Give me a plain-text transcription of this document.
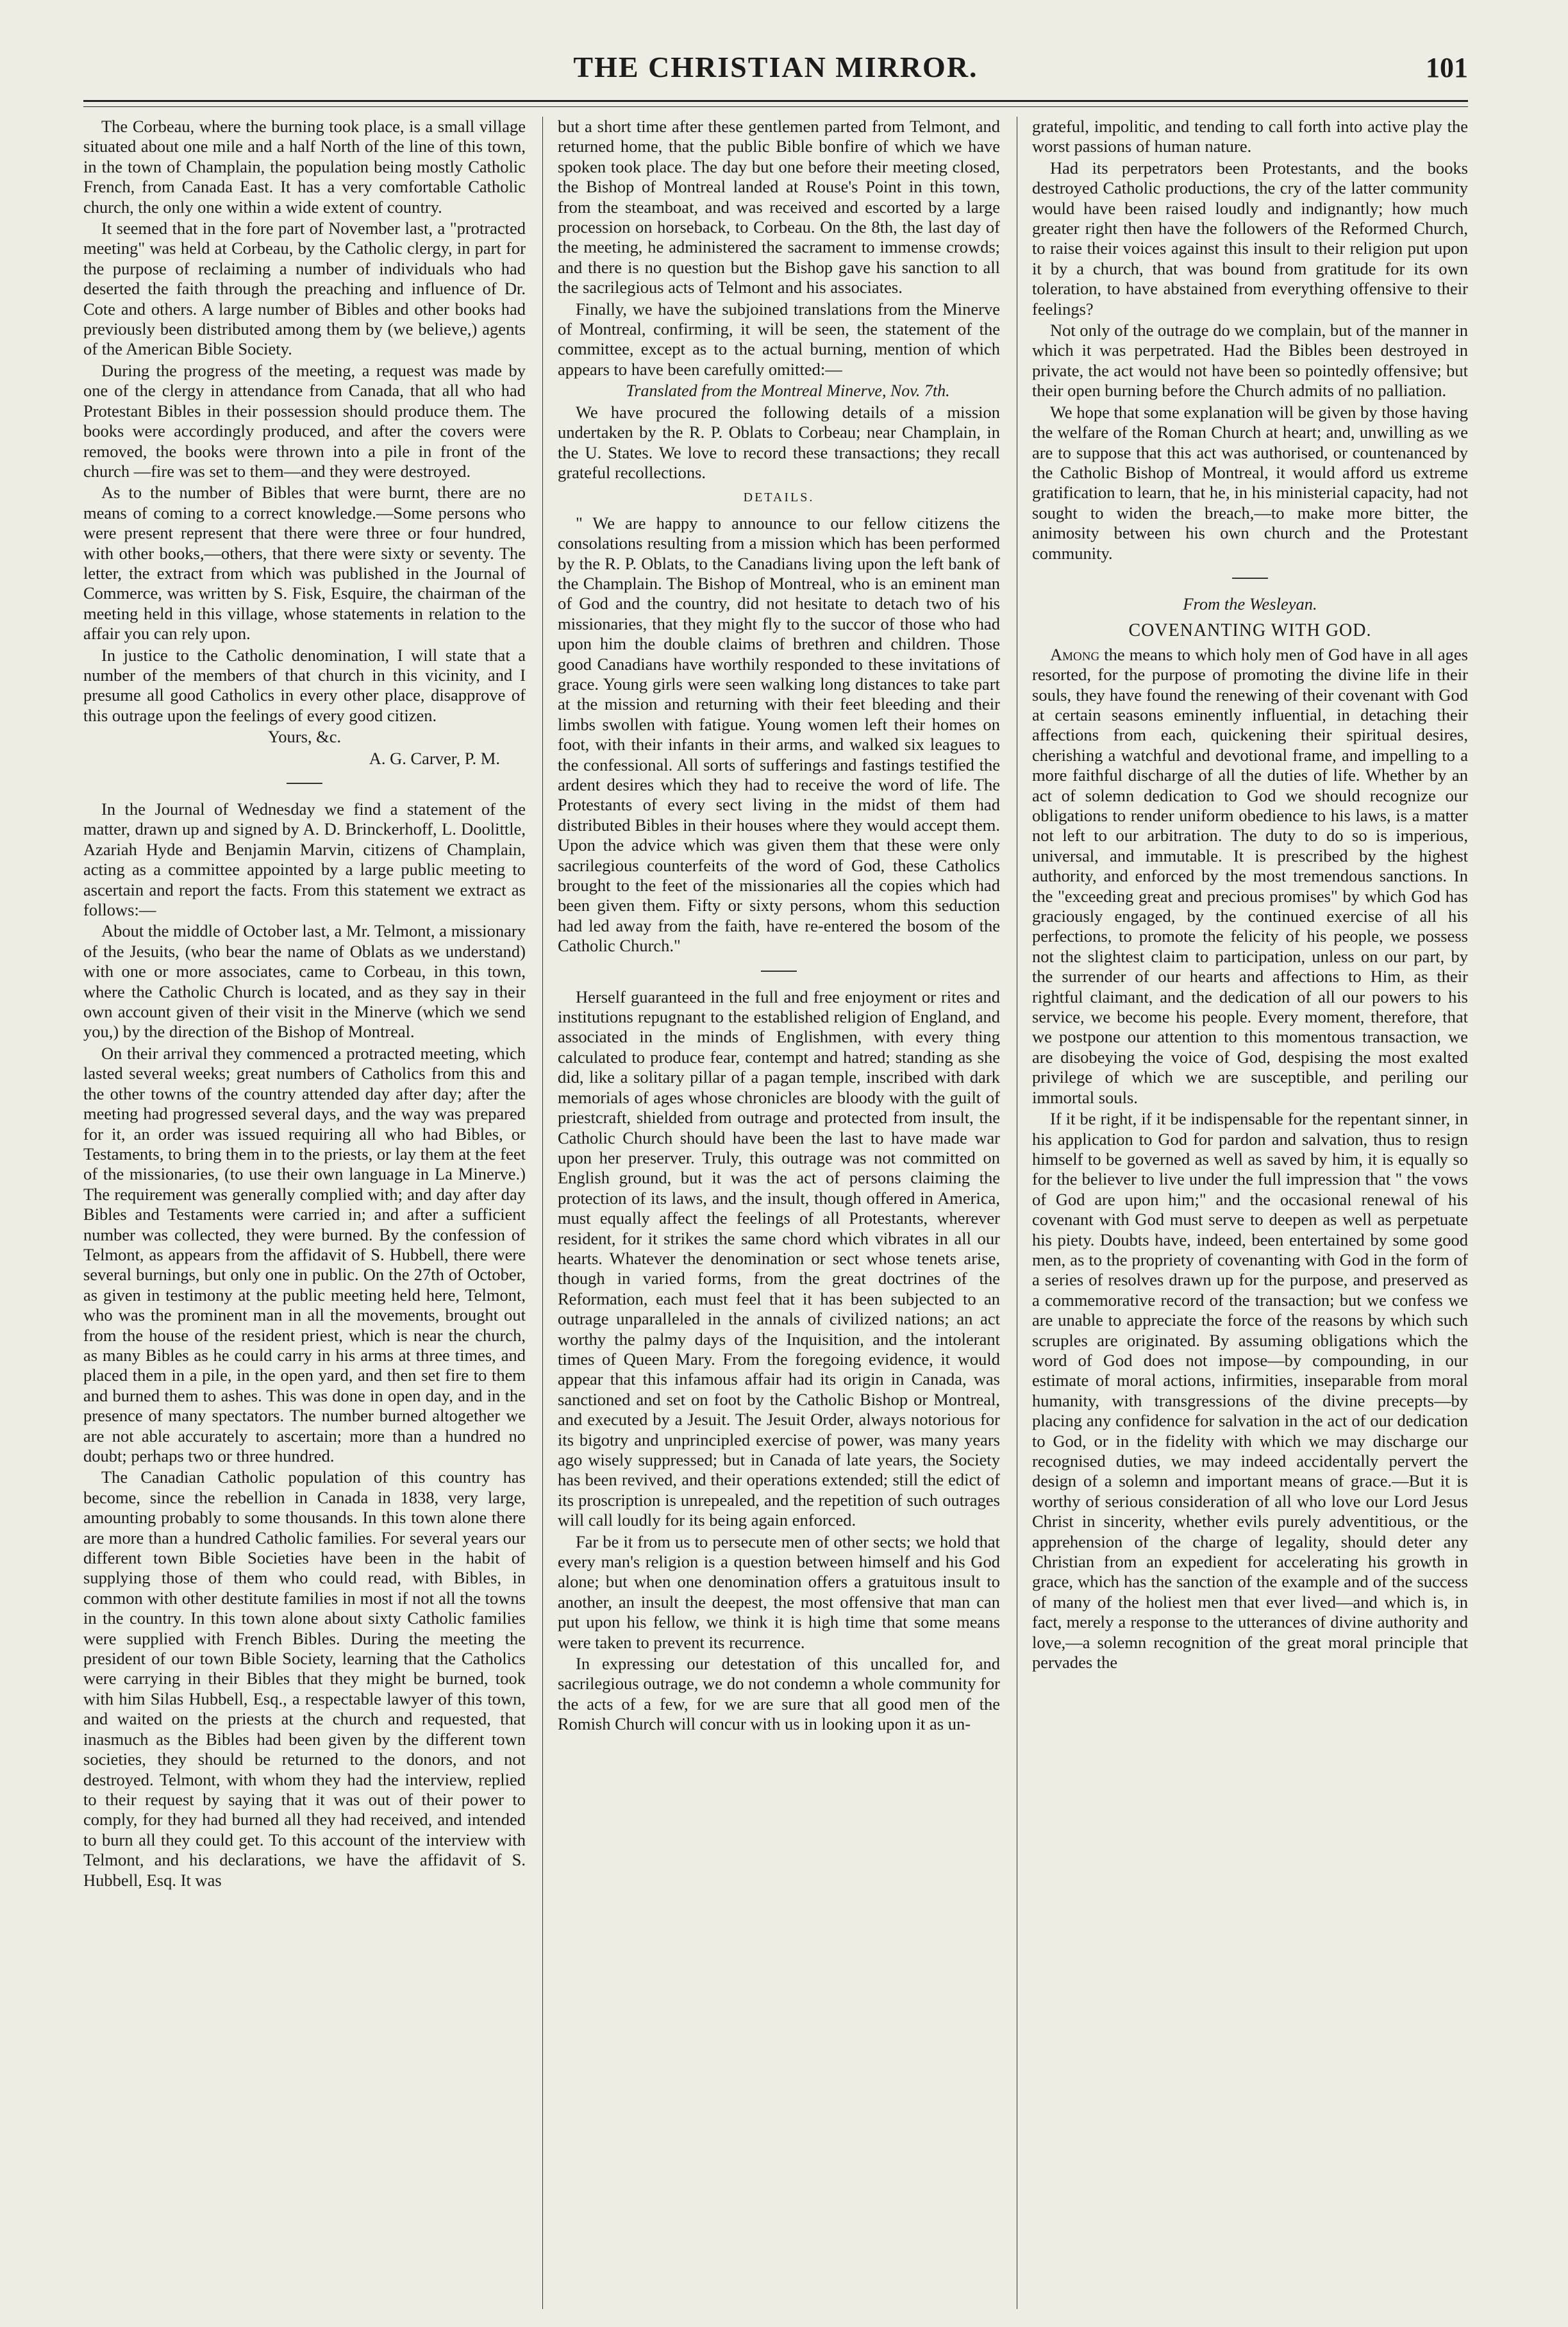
THE CHRISTIAN MIRROR.	101

The Corbeau, where the burning took place, is a small village situated about one mile and a half North of the line of this town, in the town of Champlain, the population being mostly Catholic French, from Canada East. It has a very comfortable Catholic church, the only one within a wide extent of country.

It seemed that in the fore part of November last, a "protracted meeting" was held at Corbeau, by the Catholic clergy, in part for the purpose of reclaiming a number of individuals who had deserted the faith through the preaching and influence of Dr. Cote and others. A large number of Bibles and other books had previously been distributed among them by (we believe,) agents of the American Bible Society.

During the progress of the meeting, a request was made by one of the clergy in attendance from Canada, that all who had Protestant Bibles in their possession should produce them. The books were accordingly produced, and after the covers were removed, the books were thrown into a pile in front of the church —fire was set to them—and they were destroyed.

As to the number of Bibles that were burnt, there are no means of coming to a correct knowledge.—Some persons who were present represent that there were three or four hundred, with other books,—others, that there were sixty or seventy. The letter, the extract from which was published in the Journal of Commerce, was written by S. Fisk, Esquire, the chairman of the meeting held in this village, whose statements in relation to the affair you can rely upon.

In justice to the Catholic denomination, I will state that a number of the members of that church in this vicinity, and I presume all good Catholics in every other place, disapprove of this outrage upon the feelings of every good citizen.

Yours, &c.

A. G. Carver, P. M.

In the Journal of Wednesday we find a statement of the matter, drawn up and signed by A. D. Brinckerhoff, L. Doolittle, Azariah Hyde and Benjamin Marvin, citizens of Champlain, acting as a committee appointed by a large public meeting to ascertain and report the facts. From this statement we extract as follows:—

About the middle of October last, a Mr. Telmont, a missionary of the Jesuits, (who bear the name of Oblats as we understand) with one or more associates, came to Corbeau, in this town, where the Catholic Church is located, and as they say in their own account given of their visit in the Minerve (which we send you,) by the direction of the Bishop of Montreal.

On their arrival they commenced a protracted meeting, which lasted several weeks; great numbers of Catholics from this and the other towns of the country attended day after day; after the meeting had progressed several days, and the way was prepared for it, an order was issued requiring all who had Bibles, or Testaments, to bring them in to the priests, or lay them at the feet of the missionaries, (to use their own language in La Minerve.) The requirement was generally complied with; and day after day Bibles and Testaments were carried in; and after a sufficient number was collected, they were burned. By the confession of Telmont, as appears from the affidavit of S. Hubbell, there were several burnings, but only one in public. On the 27th of October, as given in testimony at the public meeting held here, Telmont, who was the prominent man in all the movements, brought out from the house of the resident priest, which is near the church, as many Bibles as he could carry in his arms at three times, and placed them in a pile, in the open yard, and then set fire to them and burned them to ashes. This was done in open day, and in the presence of many spectators. The number burned altogether we are not able accurately to ascertain; more than a hundred no doubt; perhaps two or three hundred.

The Canadian Catholic population of this country has become, since the rebellion in Canada in 1838, very large, amounting probably to some thousands. In this town alone there are more than a hundred Catholic families. For several years our different town Bible Societies have been in the habit of supplying those of them who could read, with Bibles, in common with other destitute families in most if not all the towns in the country. In this town alone about sixty Catholic families were supplied with French Bibles. During the meeting the president of our town Bible Society, learning that the Catholics were carrying in their Bibles that they might be burned, took with him Silas Hubbell, Esq., a respectable lawyer of this town, and waited on the priests at the church and requested, that inasmuch as the Bibles had been given by the different town societies, they should be returned to the donors, and not destroyed. Telmont, with whom they had the interview, replied to their request by saying that it was out of their power to comply, for they had burned all they had received, and intended to burn all they could get. To this account of the interview with Telmont, and his declarations, we have the affidavit of S. Hubbell, Esq. It was

but a short time after these gentlemen parted from Telmont, and returned home, that the public Bible bonfire of which we have spoken took place. The day but one before their meeting closed, the Bishop of Montreal landed at Rouse's Point in this town, from the steamboat, and was received and escorted by a large procession on horseback, to Corbeau. On the 8th, the last day of the meeting, he administered the sacrament to immense crowds; and there is no question but the Bishop gave his sanction to all the sacrilegious acts of Telmont and his associates.

Finally, we have the subjoined translations from the Minerve of Montreal, confirming, it will be seen, the statement of the committee, except as to the actual burning, mention of which appears to have been carefully omitted:—

Translated from the Montreal Minerve, Nov. 7th.

We have procured the following details of a mission undertaken by the R. P. Oblats to Corbeau; near Champlain, in the U. States. We love to record these transactions; they recall grateful recollections.

DETAILS.

" We are happy to announce to our fellow citizens the consolations resulting from a mission which has been performed by the R. P. Oblats, to the Canadians living upon the left bank of the Champlain. The Bishop of Montreal, who is an eminent man of God and the country, did not hesitate to detach two of his missionaries, that they might fly to the succor of those who had upon him the double claims of brethren and children. Those good Canadians have worthily responded to these invitations of grace. Young girls were seen walking long distances to take part at the mission and returning with their feet bleeding and their limbs swollen with fatigue. Young women left their homes on foot, with their infants in their arms, and walked six leagues to the confessional. All sorts of sufferings and fastings testified the ardent desires which they had to receive the word of life. The Protestants of every sect living in the midst of them had distributed Bibles in their houses where they would accept them. Upon the advice which was given them that these were only sacrilegious counterfeits of the word of God, these Catholics brought to the feet of the missionaries all the copies which had been given them. Fifty or sixty persons, whom this seduction had led away from the faith, have re-entered the bosom of the Catholic Church."

Herself guaranteed in the full and free enjoyment or rites and institutions repugnant to the established religion of England, and associated in the minds of Englishmen, with every thing calculated to produce fear, contempt and hatred; standing as she did, like a solitary pillar of a pagan temple, inscribed with dark memorials of ages whose chronicles are bloody with the guilt of priestcraft, shielded from outrage and protected from insult, the Catholic Church should have been the last to have made war upon her preserver. Truly, this outrage was not committed on English ground, but it was the act of persons claiming the protection of its laws, and the insult, though offered in America, must equally affect the feelings of all Protestants, wherever resident, for it strikes the same chord which vibrates in all our hearts. Whatever the denomination or sect whose tenets arise, though in varied forms, from the great doctrines of the Reformation, each must feel that it has been subjected to an outrage unparalleled in the annals of civilized nations; an act worthy the palmy days of the Inquisition, and the intolerant times of Queen Mary. From the foregoing evidence, it would appear that this infamous affair had its origin in Canada, was sanctioned and set on foot by the Catholic Bishop or Montreal, and executed by a Jesuit. The Jesuit Order, always notorious for its bigotry and unprincipled exercise of power, was many years ago wisely suppressed; but in Canada of late years, the Society has been revived, and their operations extended; still the edict of its proscription is unrepealed, and the repetition of such outrages will call loudly for its being again enforced.

Far be it from us to persecute men of other sects; we hold that every man's religion is a question between himself and his God alone; but when one denomination offers a gratuitous insult to another, an insult the deepest, the most offensive that man can put upon his fellow, we think it is high time that some means were taken to prevent its recurrence.

In expressing our detestation of this uncalled for, and sacrilegious outrage, we do not condemn a whole community for the acts of a few, for we are sure that all good men of the Romish Church will concur with us in looking upon it as un-

grateful, impolitic, and tending to call forth into active play the worst passions of human nature.

Had its perpetrators been Protestants, and the books destroyed Catholic productions, the cry of the latter community would have been raised loudly and indignantly; how much greater right then have the followers of the Reformed Church, to raise their voices against this insult to their religion put upon it by a church, that was bound from gratitude for its own toleration, to have abstained from everything offensive to their feelings?

Not only of the outrage do we complain, but of the manner in which it was perpetrated. Had the Bibles been destroyed in private, the act would not have been so pointedly offensive; but their open burning before the Church admits of no palliation.

We hope that some explanation will be given by those having the welfare of the Roman Church at heart; and, unwilling as we are to suppose that this act was authorised, or countenanced by the Catholic Bishop of Montreal, it would afford us extreme gratification to learn, that he, in his ministerial capacity, had not sought to widen the breach,—to make more bitter, the animosity between his own church and the Protestant community.

From the Wesleyan.
COVENANTING WITH GOD.

Among the means to which holy men of God have in all ages resorted, for the purpose of promoting the divine life in their souls, they have found the renewing of their covenant with God at certain seasons eminently influential, in detaching their affections from each, quickening their spiritual desires, cherishing a watchful and devotional frame, and impelling to a more faithful discharge of all the duties of life. Whether by an act of solemn dedication to God we should recognize our obligations to render uniform obedience to his laws, is a matter not left to our arbitration. The duty to do so is imperious, universal, and immutable. It is prescribed by the highest authority, and enforced by the most tremendous sanctions. In the "exceeding great and precious promises" by which God has graciously engaged, by the continued exercise of all his perfections, to promote the felicity of his people, we possess not the slightest claim to participation, unless on our part, by the surrender of our hearts and affections to Him, as their rightful claimant, and the dedication of all our powers to his service, we become his people. Every moment, therefore, that we postpone our attention to this momentous transaction, we are disobeying the voice of God, despising the most exalted privilege of which we are susceptible, and periling our immortal souls.

If it be right, if it be indispensable for the repentant sinner, in his application to God for pardon and salvation, thus to resign himself to be governed as well as saved by him, it is equally so for the believer to live under the full impression that " the vows of God are upon him;" and the occasional renewal of his covenant with God must serve to deepen as well as perpetuate his piety. Doubts have, indeed, been entertained by some good men, as to the propriety of covenanting with God in the form of a series of resolves drawn up for the purpose, and preserved as a commemorative record of the transaction; but we confess we are unable to appreciate the force of the reasons by which such scruples are originated. By assuming obligations which the word of God does not impose—by compounding, in our estimate of moral actions, infirmities, inseparable from moral humanity, with transgressions of the divine precepts—by placing any confidence for salvation in the act of our dedication to God, or in the fidelity with which we may discharge our recognised duties, we may indeed accidentally pervert the design of a solemn and important means of grace.—But it is worthy of serious consideration of all who love our Lord Jesus Christ in sincerity, whether evils purely adventitious, or the apprehension of the charge of legality, should deter any Christian from an expedient for accelerating his growth in grace, which has the sanction of the example and of the success of many of the holiest men that ever lived—and which is, in fact, merely a response to the utterances of divine authority and love,—a solemn recognition of the great moral principle that pervades the
